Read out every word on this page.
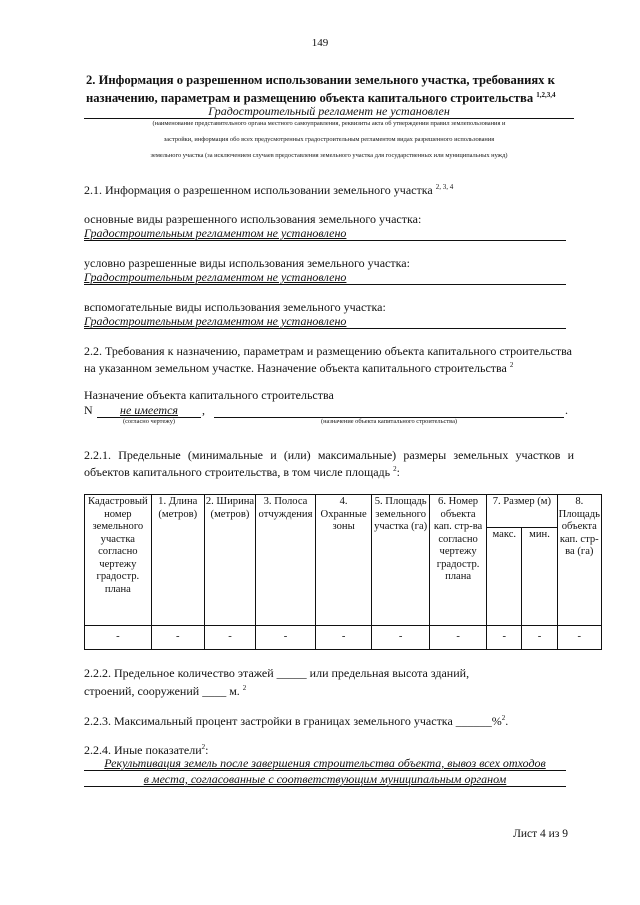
149
2. Информация о разрешенном использовании земельного участка, требованиях к назначению, параметрам и размещению объекта капитального строительства $^{1,2,3,4}$
Градостроительный регламент не установлен
(наименование представительного органа местного самоуправления, реквизиты акта об утверждении правил землепользования и
застройки, информация обо всех предусмотренных градостроительным регламентом видах разрешенного использования
земельного участка (за исключением случаев предоставления земельного участка для государственных или муниципальных нужд)
2.1. Информация о разрешенном использовании земельного участка $^{2, 3, 4}$
основные виды разрешенного использования земельного участка:
Градостроительным регламентом не установлено
условно разрешенные виды использования земельного участка:
Градостроительным регламентом не установлено
вспомогательные виды использования земельного участка:
Градостроительным регламентом не установлено
2.2. Требования к назначению, параметрам и размещению объекта капитального строительства на указанном земельном участке. Назначение объекта капитального строительства $^2$
Назначение объекта капитального строительства
N	не имеется	,	.
(согласно чертежу)	(назначение объекта капитального строительства)
2.2.1. Предельные (минимальные и (или) максимальные) размеры земельных участков и объектов капитального строительства, в том числе площадь $^2$:
Кадастровый номер земельного участка согласно чертежу градостр. плана	1. Длина (метров)	2. Ширина (метров)	3. Полоса отчуждения	4. Охранные зоны	5. Площадь земельного участка (га)	6. Номер объекта кап. стр-ва согласно чертежу градостр. плана	7. Размер (м)		8. Площадь объекта кап. стр-ва (га)
							макс.	мин.	
-	-	-	-	-	-	-	-	-	-
2.2.2. Предельное количество этажей _____ или предельная высота зданий,
строений, сооружений ____ м. $^2$
2.2.3. Максимальный процент застройки в границах земельного участка ______%$^2$.
2.2.4. Иные показатели$^2$:
Рекультивация земель после завершения строительства объекта, вывоз всех отходов
в места, согласованные с соответствующим муниципальным органом
Лист 4 из 9
